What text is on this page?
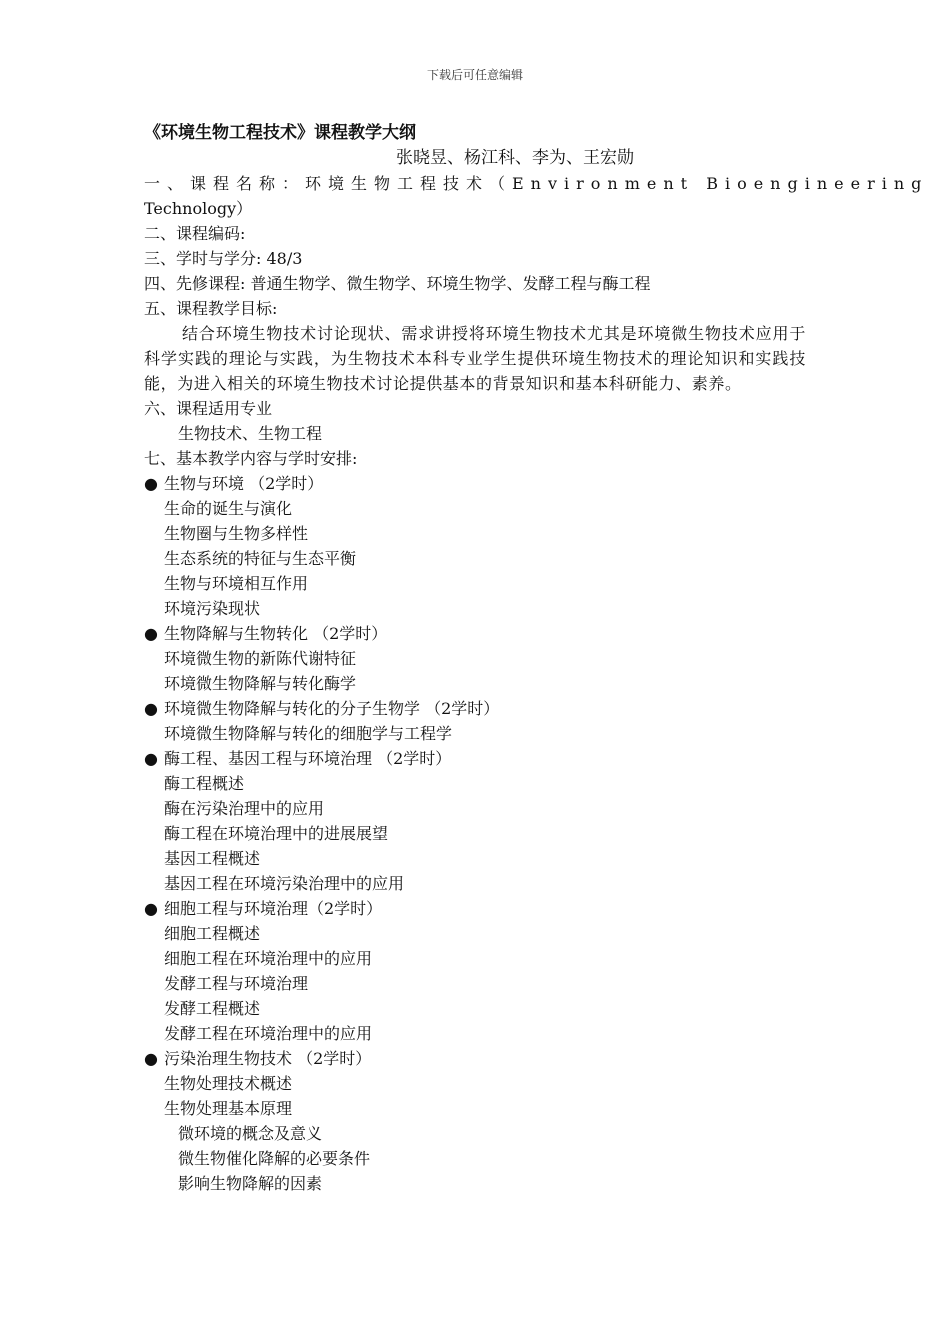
下载后可任意编辑
《环境生物工程技术》课程教学大纲
张晓昱、杨江科、李为、王宏勋
一、课程名称：环境生物工程技术（Environment Bioengineering
Technology）
二、课程编码:
三、学时与学分: 48/3
四、先修课程: 普通生物学、微生物学、环境生物学、发酵工程与酶工程
五、课程教学目标:
结合环境生物技术讨论现状、需求讲授将环境生物技术尤其是环境微生物技术应用于科学实践的理论与实践，为生物技术本科专业学生提供环境生物技术的理论知识和实践技能，为进入相关的环境生物技术讨论提供基本的背景知识和基本科研能力、素养。
六、课程适用专业
生物技术、生物工程
七、基本教学内容与学时安排:
● 生物与环境 （2学时）
生命的诞生与演化
生物圈与生物多样性
生态系统的特征与生态平衡
生物与环境相互作用
环境污染现状
● 生物降解与生物转化 （2学时）
环境微生物的新陈代谢特征
环境微生物降解与转化酶学
● 环境微生物降解与转化的分子生物学 （2学时）
环境微生物降解与转化的细胞学与工程学
● 酶工程、基因工程与环境治理 （2学时）
酶工程概述
酶在污染治理中的应用
酶工程在环境治理中的进展展望
基因工程概述
基因工程在环境污染治理中的应用
● 细胞工程与环境治理（2学时）
细胞工程概述
细胞工程在环境治理中的应用
发酵工程与环境治理
发酵工程概述
发酵工程在环境治理中的应用
● 污染治理生物技术 （2学时）
生物处理技术概述
生物处理基本原理
微环境的概念及意义
微生物催化降解的必要条件
影响生物降解的因素
